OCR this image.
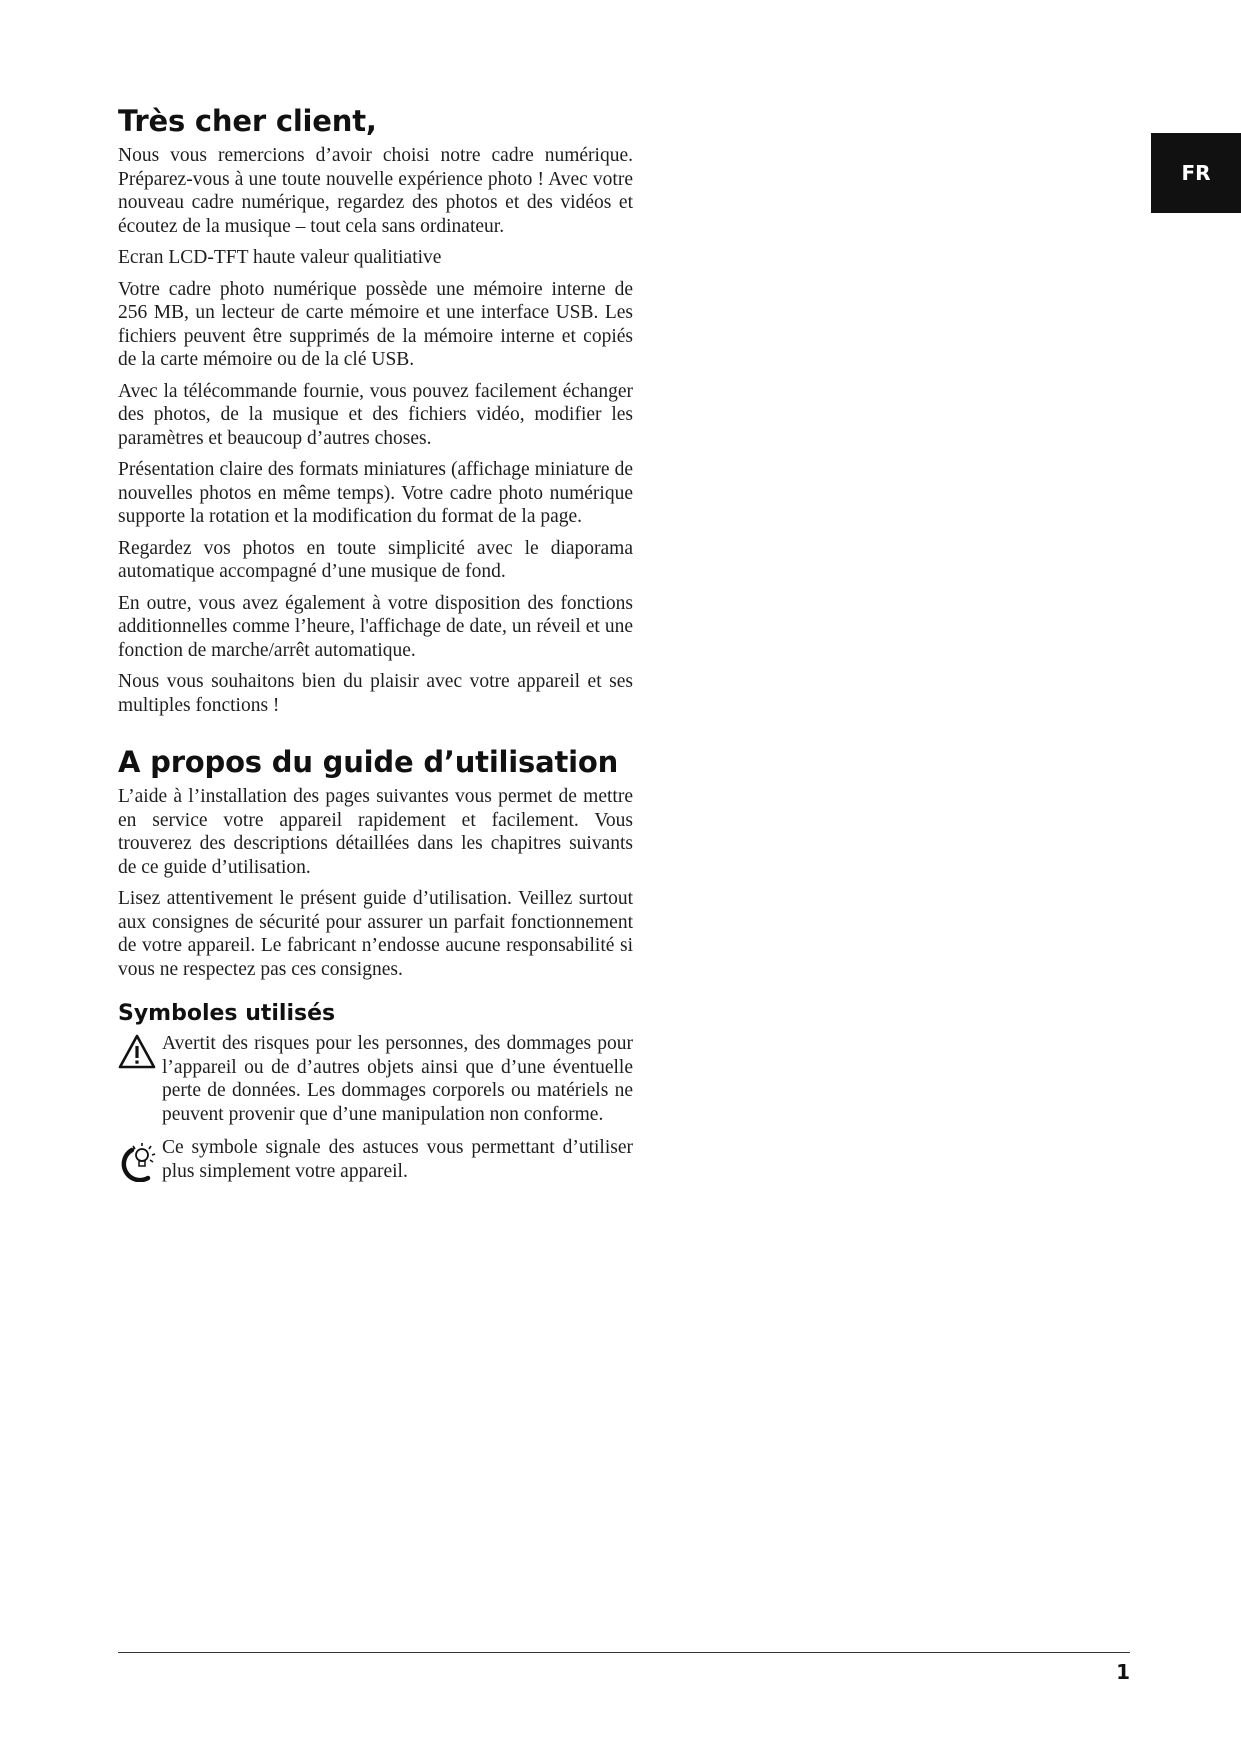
FR
Très cher client,

Nous vous remercions d’avoir choisi notre cadre numérique. Préparez-vous à une toute nouvelle expérience photo ! Avec votre nouveau cadre numérique, regardez des photos et des vidéos et écoutez de la musique – tout cela sans ordinateur.

Ecran LCD-TFT haute valeur qualitiative

Votre cadre photo numérique possède une mémoire interne de 256 MB, un lecteur de carte mémoire et une interface USB. Les fichiers peuvent être supprimés de la mémoire interne et copiés de la carte mémoire ou de la clé USB.

Avec la télécommande fournie, vous pouvez facilement échanger des photos, de la musique et des fichiers vidéo, modifier les paramètres et beaucoup d’autres choses.

Présentation claire des formats miniatures (affichage miniature de nouvelles photos en même temps). Votre cadre photo numérique supporte la rotation et la modification du format de la page.

Regardez vos photos en toute simplicité avec le diaporama automatique accompagné d’une musique de fond.

En outre, vous avez également à votre disposition des fonctions additionnelles comme l’heure, l'affichage de date, un réveil et une fonction de marche/arrêt automatique.

Nous vous souhaitons bien du plaisir avec votre appareil et ses multiples fonctions !

A propos du guide d’utilisation

L’aide à l’installation des pages suivantes vous permet de mettre en service votre appareil rapidement et facilement. Vous trouverez des descriptions détaillées dans les chapitres suivants de ce guide d’utilisation.

Lisez attentivement le présent guide d’utilisation. Veillez surtout aux consignes de sécurité pour assurer un parfait fonctionnement de votre appareil. Le fabricant n’endosse aucune responsabilité si vous ne respectez pas ces consignes.

Symboles utilisés

Avertit des risques pour les personnes, des dommages pour l’appareil ou de d’autres objets ainsi que d’une éventuelle perte de données. Les dommages corporels ou matériels ne peuvent provenir que d’une manipulation non conforme.

Ce symbole signale des astuces vous permettant d’utiliser plus simplement votre appareil.

1
